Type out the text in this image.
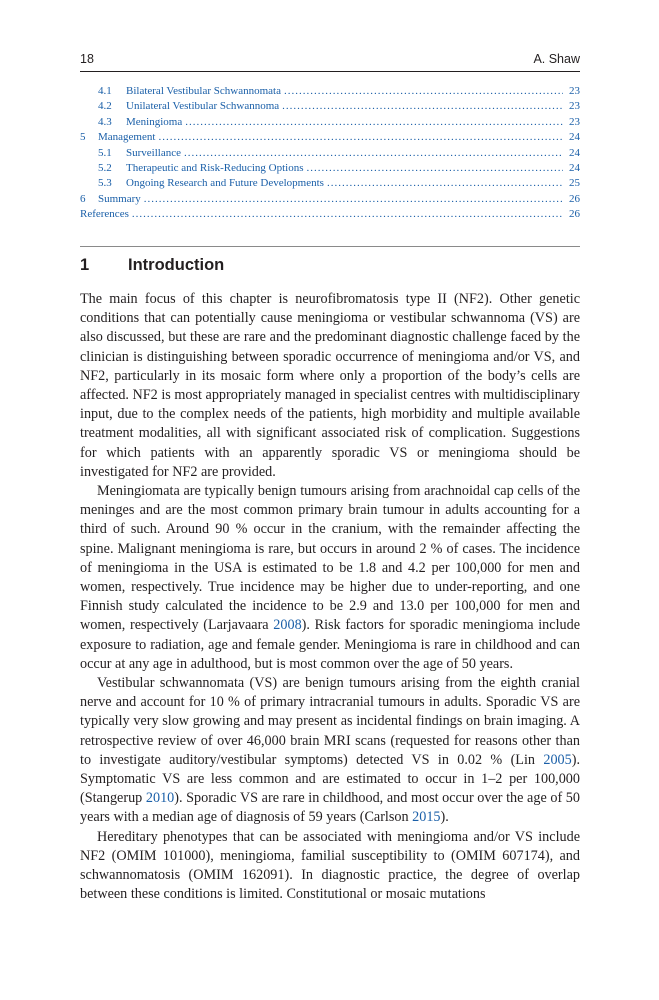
18	A. Shaw
4.1	Bilateral Vestibular Schwannomata .....	23
4.2	Unilateral Vestibular Schwannoma .....	23
4.3	Meningioma .....	23
5	Management .....	24
5.1	Surveillance .....	24
5.2	Therapeutic and Risk-Reducing Options .....	24
5.3	Ongoing Research and Future Developments .....	25
6	Summary .....	26
References .....	26
1 Introduction

The main focus of this chapter is neurofibromatosis type II (NF2). Other genetic conditions that can potentially cause meningioma or vestibular schwannoma (VS) are also discussed, but these are rare and the predominant diagnostic challenge faced by the clinician is distinguishing between sporadic occurrence of meningioma and/or VS, and NF2, particularly in its mosaic form where only a proportion of the body’s cells are affected. NF2 is most appropriately managed in specialist centres with multidisciplinary input, due to the complex needs of the patients, high morbidity and multiple available treatment modalities, all with significant associated risk of complication. Suggestions for which patients with an apparently sporadic VS or meningioma should be investigated for NF2 are provided.

Meningiomata are typically benign tumours arising from arachnoidal cap cells of the meninges and are the most common primary brain tumour in adults accounting for a third of such. Around 90 % occur in the cranium, with the remainder affecting the spine. Malignant meningioma is rare, but occurs in around 2 % of cases. The incidence of meningioma in the USA is estimated to be 1.8 and 4.2 per 100,000 for men and women, respectively. True incidence may be higher due to under-reporting, and one Finnish study calculated the incidence to be 2.9 and 13.0 per 100,000 for men and women, respectively (Larjavaara 2008). Risk factors for sporadic meningioma include exposure to radiation, age and female gender. Meningioma is rare in childhood and can occur at any age in adulthood, but is most common over the age of 50 years.

Vestibular schwannomata (VS) are benign tumours arising from the eighth cranial nerve and account for 10 % of primary intracranial tumours in adults. Sporadic VS are typically very slow growing and may present as incidental findings on brain imaging. A retrospective review of over 46,000 brain MRI scans (requested for reasons other than to investigate auditory/vestibular symptoms) detected VS in 0.02 % (Lin 2005). Symptomatic VS are less common and are estimated to occur in 1–2 per 100,000 (Stangerup 2010). Sporadic VS are rare in childhood, and most occur over the age of 50 years with a median age of diagnosis of 59 years (Carlson 2015).

Hereditary phenotypes that can be associated with meningioma and/or VS include NF2 (OMIM 101000), meningioma, familial susceptibility to (OMIM 607174), and schwannomatosis (OMIM 162091). In diagnostic practice, the degree of overlap between these conditions is limited. Constitutional or mosaic mutations
